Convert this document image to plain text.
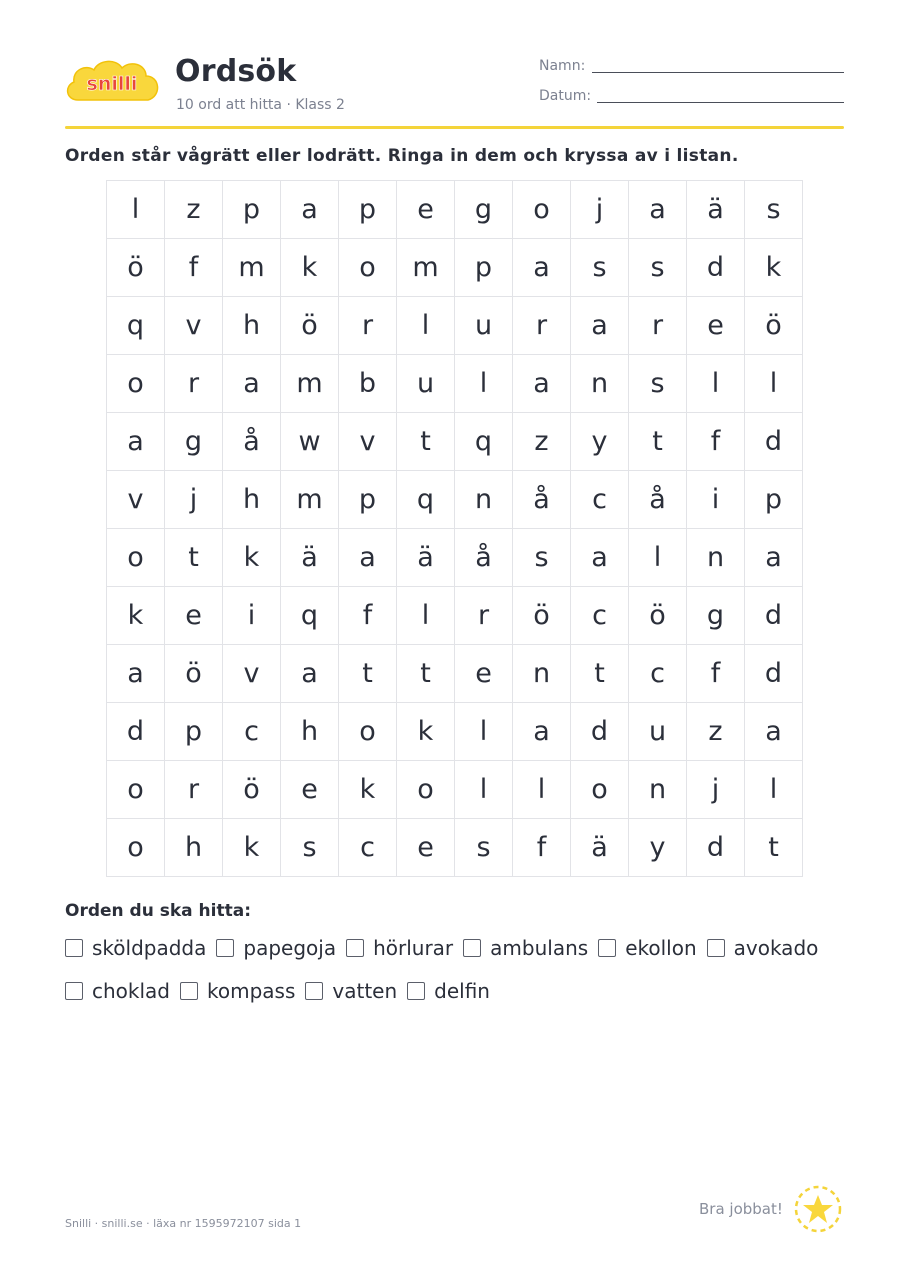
snilli Ordsök
10 ord att hitta · Klass 2
Namn:
Datum:
Orden står vågrätt eller lodrätt. Ringa in dem och kryssa av i listan.
l	z	p	a	p	e	g	o	j	a	ä	s
ö	f	m	k	o	m	p	a	s	s	d	k
q	v	h	ö	r	l	u	r	a	r	e	ö
o	r	a	m	b	u	l	a	n	s	l	l
a	g	å	w	v	t	q	z	y	t	f	d
v	j	h	m	p	q	n	å	c	å	i	p
o	t	k	ä	a	ä	å	s	a	l	n	a
k	e	i	q	f	l	r	ö	c	ö	g	d
a	ö	v	a	t	t	e	n	t	c	f	d
d	p	c	h	o	k	l	a	d	u	z	a
o	r	ö	e	k	o	l	l	o	n	j	l
o	h	k	s	c	e	s	f	ä	y	d	t
Orden du ska hitta:
sköldpadda papegoja hörlurar ambulans ekollon avokado
choklad kompass vatten delfin
Snilli · snilli.se · läxa nr 1595972107 sida 1
Bra jobbat!
